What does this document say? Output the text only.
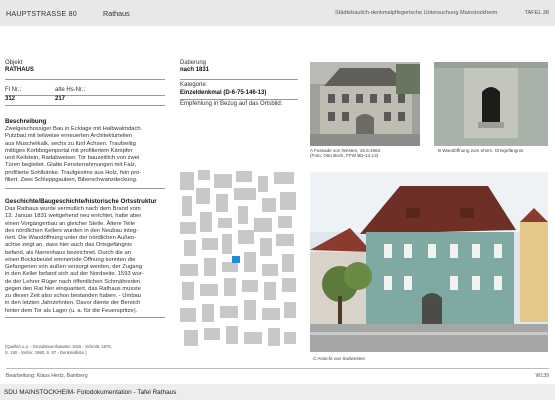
HAUPTSTRASSE 80	Rathaus	Städtebaulich-denkmalpflegerische Untersuchung Mainstockheim	TAFEL 38
Objekt
RATHAUS
Fl Nr.:	alte Hs-Nr.:
312	217
Beschreibung

Zweigeschossiger Bau in Ecklage mit Halbwalmdach.
Putzbau mit teilweise erneuerten Architekturteilen
aus Muschelkalk, sechs zu fünf Achsen. Traufseitig
mittiges Korbbogenportal mit profiliertem Kämpfer
und Keilstein, Radabweiser. Tor bauzeitlich von zwei
Türen begleitet. Glatte Fensterrahmungen mit Falz,
profilierte Sohlbänke. Traufgesims aus Holz, fein pro-
filiert. Zwei Schleppgauben, Biberschwanzdeckung.

Geschichte/Baugeschichte/historische Ortsstruktur

Das Rathaus wurde vermutlich nach dem Brand vom
12. Januar 1831 weitgehend neu errichtet, hatte aber
einen Vorgängerbau an gleicher Stelle. Ältere Teile
des nördlichen Kellers wurden in den Neubau integ-
riert. Die Wandöffnung unter der nördlichen Außen-
achse zeigt an, dass hier auch das Ortsgefängnis
befand, als Narrenhaus bezeichnet. Durch die an
einen Bocksbeutel erinnernde Öffnung konnten die
Gefangenen von außen versorgt werden, der Zugang
in den Keller befand sich auf der Nordseite. 1593 wur-
de der Lehrer Rüger nach öffentlichen Schmähreden
gegen den Rat hier einquartiert, das Rathaus musste
zu dieser Zeit also schon bestanden haben. - Umbau
in den letzten Jahrzehnten. Davor diente der Bereich
hinter dem Tor als Lager (u. a. für die Feuerspritze).

(Quellen u.a. - Grundsteuerkataster 1815 - Schmitt, 1875,
S. 190 - Selzer, 1980, S. 87 - Denkmalliste.)
Datierung
nach 1831
Kategorie:
Einzeldenkmal (D-6-75-146-13)
Empfehlung in Bezug auf das Ortsbild:
A Fassade von Westen, 15.9.1963
(Foto: Otto Beck, FFW BD-14.13)
B Wandöffnung zum ehem. Ortsgefängnis
C Ansicht von Südwesten
Bearbeitung: Klaus Hertz, Bamberg	W139
SDU MAINSTOCKHEIM- Fotodokumentation - Tafel Rathaus
